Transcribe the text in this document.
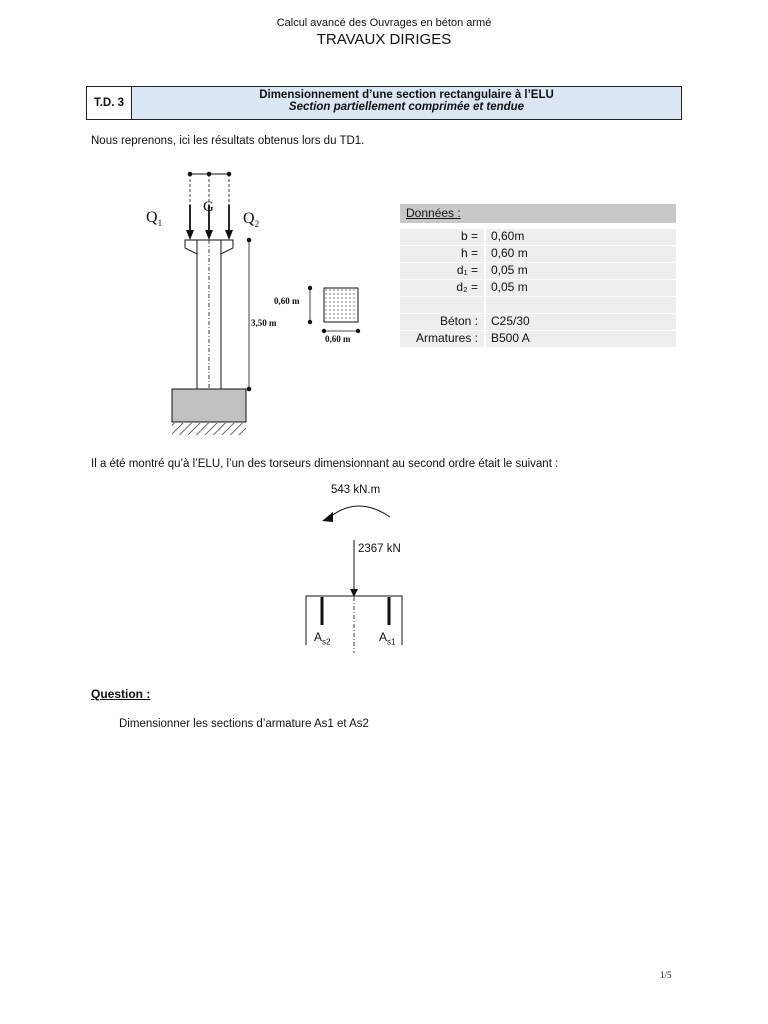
Calcul avancé des Ouvrages en béton armé
TRAVAUX DIRIGES
T.D. 3
Dimensionnement d’une section rectangulaire à l’ELU
Section partiellement comprimée et tendue
Nous reprenons, ici les résultats obtenus lors du TD1.
$Q_1$
G
$Q_2$
3,50 m
0,60 m
0,60 m
Données :
b =	0,60m
h =	0,60 m
d₁ =	0,05 m
d₂ =	0,05 m
Béton :	C25/30
Armatures :	B500 A
Il a été montré qu’à l’ELU, l’un des torseurs dimensionnant au second ordre était le suivant :
543 kN.m
2367 kN
$A_{s2}$	$A_{s1}$
Question :
Dimensionner les sections d’armature As1 et As2
1/5
